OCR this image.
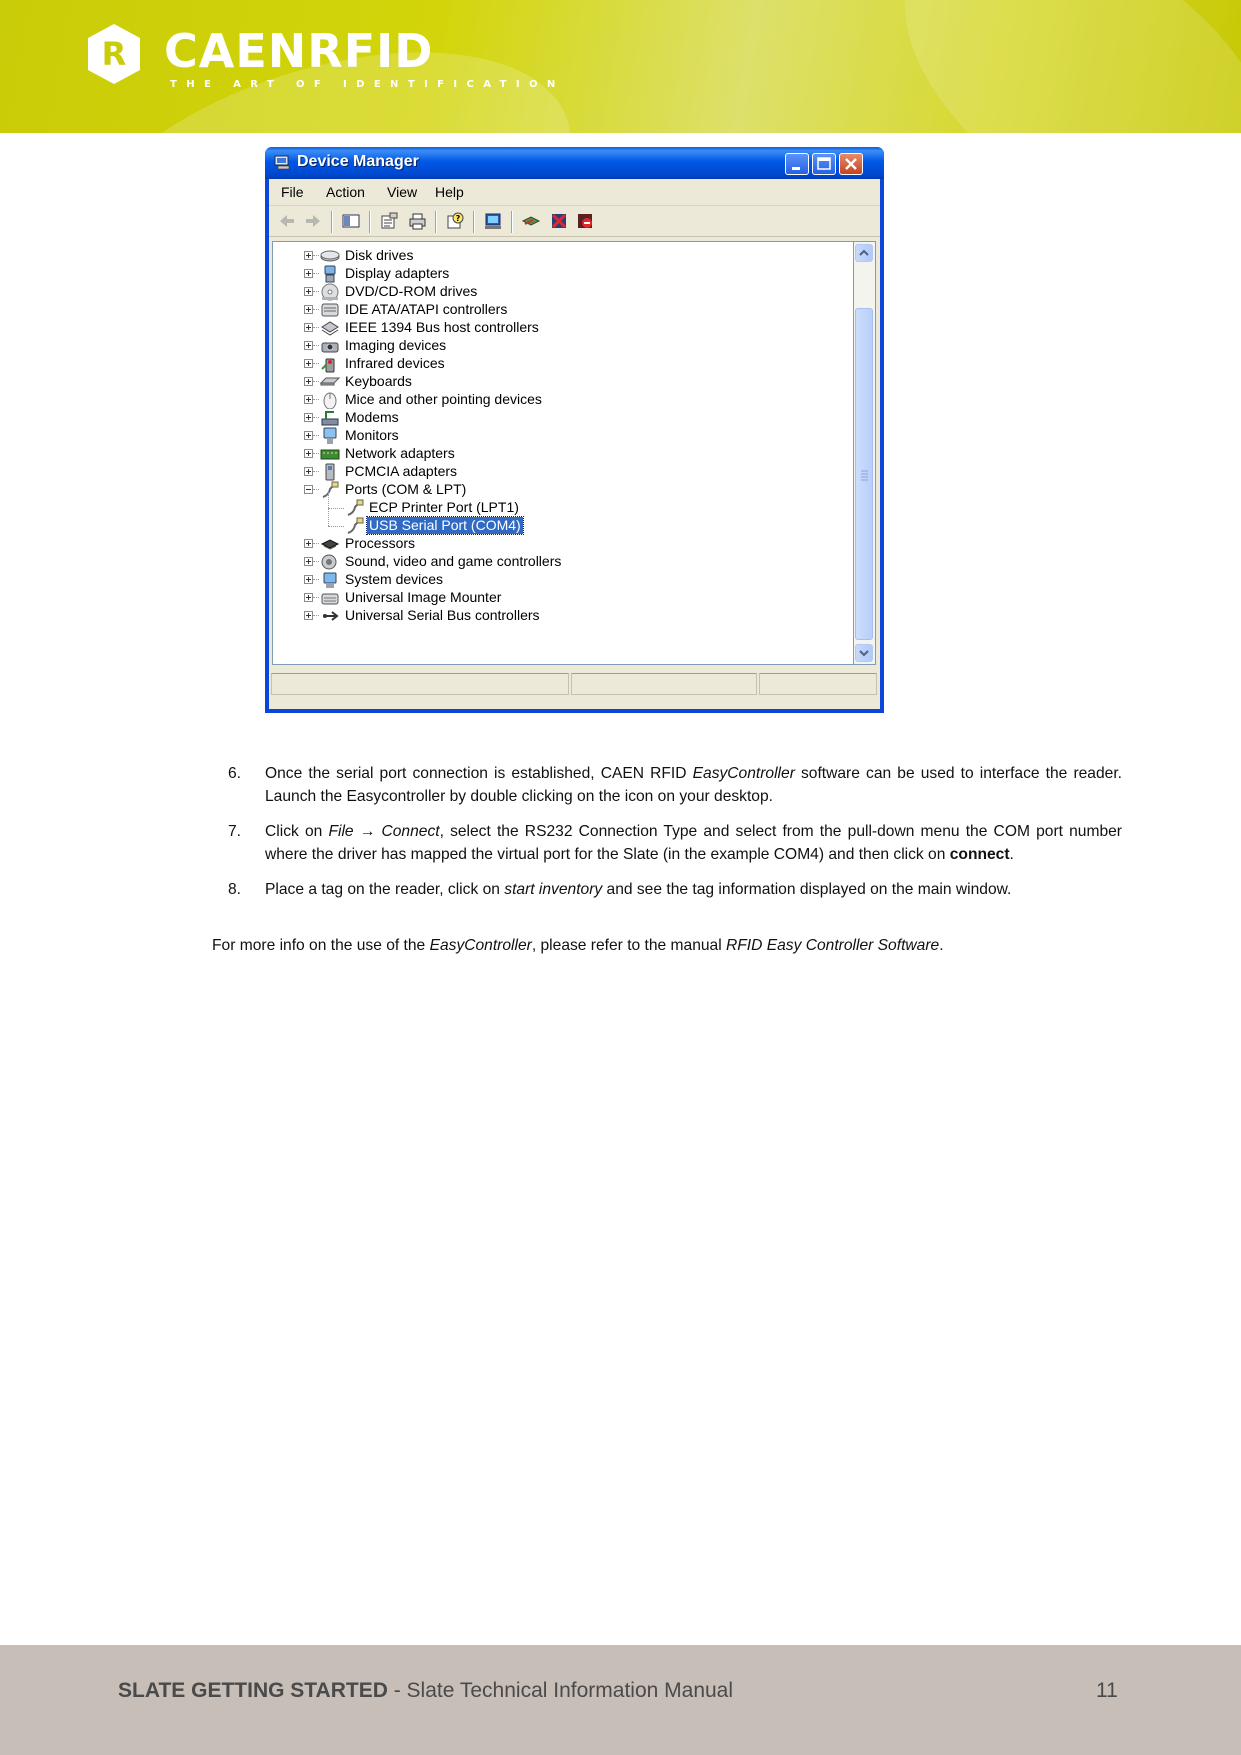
R CAENRFID
THE ART OF IDENTIFICATION
Device Manager
File Action View Help
?
Disk drives
Display adapters
DVD/CD-ROM drives
IDE ATA/ATAPI controllers
IEEE 1394 Bus host controllers
Imaging devices
Infrared devices
Keyboards
Mice and other pointing devices
Modems
Monitors
Network adapters
PCMCIA adapters
Ports (COM & LPT)
ECP Printer Port (LPT1)
USB Serial Port (COM4)
Processors
Sound, video and game controllers
System devices
Universal Image Mounter
Universal Serial Bus controllers
6. Once the serial port connection is established, CAEN RFID EasyController software can be used to interface the reader. Launch the Easycontroller by double clicking on the icon on your desktop.
7. Click on File → Connect, select the RS232 Connection Type and select from the pull-down menu the COM port number where the driver has mapped the virtual port for the Slate (in the example COM4) and then click on connect.
8. Place a tag on the reader, click on start inventory and see the tag information displayed on the main window.
For more info on the use of the EasyController, please refer to the manual RFID Easy Controller Software.
SLATE GETTING STARTED - Slate Technical Information Manual	11
